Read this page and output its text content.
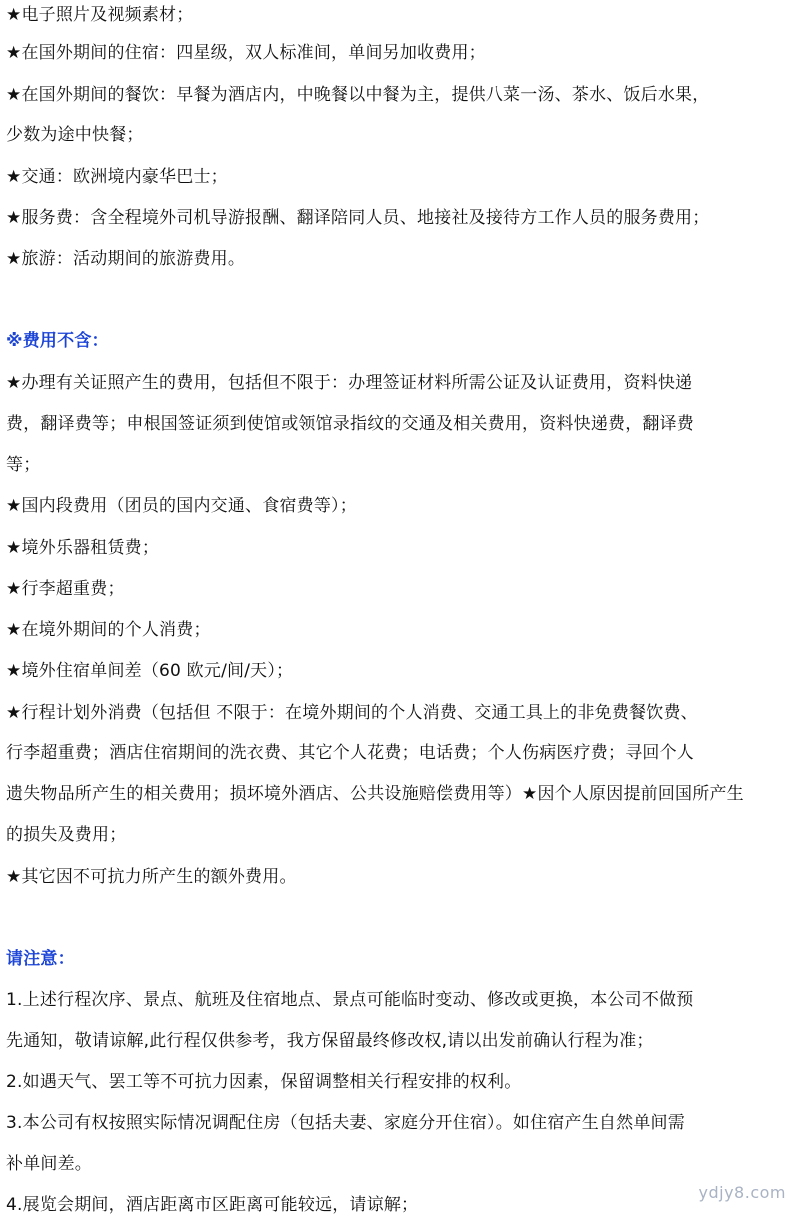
★电子照片及视频素材；
★在国外期间的住宿：四星级，双人标准间，单间另加收费用；
★在国外期间的餐饮：早餐为酒店内，中晚餐以中餐为主，提供八菜一汤、茶水、饭后水果，
少数为途中快餐；
★交通：欧洲境内豪华巴士；
★服务费：含全程境外司机导游报酬、翻译陪同人员、地接社及接待方工作人员的服务费用；
★旅游：活动期间的旅游费用。
※费用不含：
★办理有关证照产生的费用，包括但不限于：办理签证材料所需公证及认证费用，资料快递
费，翻译费等；申根国签证须到使馆或领馆录指纹的交通及相关费用，资料快递费，翻译费
等；
★国内段费用（团员的国内交通、食宿费等）；
★境外乐器租赁费；
★行李超重费；
★在境外期间的个人消费；
★境外住宿单间差（60 欧元/间/天）；
★行程计划外消费（包括但 不限于：在境外期间的个人消费、交通工具上的非免费餐饮费、
行李超重费；酒店住宿期间的洗衣费、其它个人花费；电话费；个人伤病医疗费；寻回个人
遗失物品所产生的相关费用；损坏境外酒店、公共设施赔偿费用等）★因个人原因提前回国所产生
的损失及费用；
★其它因不可抗力所产生的额外费用。
请注意：
1.上述行程次序、景点、航班及住宿地点、景点可能临时变动、修改或更换，本公司不做预
先通知，敬请谅解,此行程仅供参考，我方保留最终修改权,请以出发前确认行程为准；
2.如遇天气、罢工等不可抗力因素，保留调整相关行程安排的权利。
3.本公司有权按照实际情况调配住房（包括夫妻、家庭分开住宿）。如住宿产生自然单间需
补单间差。
4.展览会期间，酒店距离市区距离可能较远，请谅解；
ydjy8.com
